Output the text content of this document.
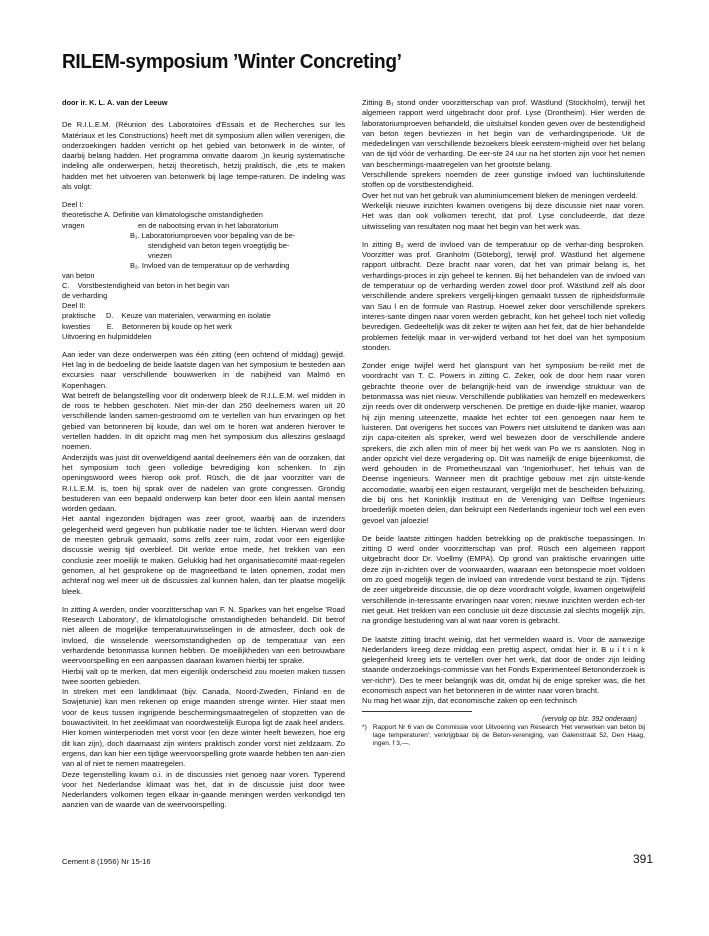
RILEM-symposium ’Winter Concreting’

door ir. K. L. A. van der Leeuw

De R.I.L.E.M. (Réunion des Laboratoires d'Essais et de Recherches sur les Matériaux et les Constructions) heeft met dit symposium allen willen verenigen, die onderzoekingen hadden verricht op het gebied van betonwerk in de winter, of daarbij belang hadden. Het programma omvatte daarom ,)n keurig systematische indeling alle onderwerpen, hetzij theoretisch, hetzij praktisch, die ,ets te maken hadden met het uitvoeren van betonwerk bij lage tempe-raturen. De indeling was als volgt:

Deel I:
theoretische A. Definitie van klimatologische omstandigheden
vragen                          en de nabootsing ervan in het laboratorium
B₁. Laboratoriumproeven voor bepaling van de be-
stendigheid van beton tegen vroegtijdig be-
vriezen
B₂. Invloed van de temperatuur op de verharding
van beton
C.    Vorstbestendigheid van beton in het begin van
de verharding
Deel II:
praktische     D.    Keuze van materialen, verwarming en isolatie
kwesties        E.    Betonneren bij koude op het werk
Uitvoering en hulpmiddelen

Aan ieder van deze onderwerpen was één zitting (een ochtend of middag) gewijd. Het lag in de bedoeling de beide laatste dagen van het symposium te besteden aan excursies naar verschillende bouwwerken in de nabijheid van Malmö en Kopenhagen.
Wat betreft de belangstelling voor dit onderwerp bleek de R.I.L.E.M. wel midden in de roos te hebben geschoten. Niet min-der dan 250 deelnemers waren uit 20 verschillende landen samen-gestroomd om te vertellen van hun ervaringen op het gebied van betonneren bij koude, dan wel om te horen wat anderen hierover te vertellen hadden. In dit opzicht mag men het symposium dus alleszins geslaagd noemen.
Anderzijds was juist dit overweldigend aantal deelnemers één van de oorzaken, dat het symposium toch geen volledige bevrediging kon schenken. In zijn openingswoord wees hierop ook prof. Rüsch, die dit jaar voorzitter van de R.I.L.E.M. is, toen hij sprak over de nadelen van grote congressen. Grondig bestuderen van een bepaald onderwerp kan beter door een klein aantal mensen worden gedaan.
Het aantal ingezonden bijdragen was zeer groot, waarbij aan de inzenders gelegenheid werd gegeven hun publikatie nader toe te lichten. Hiervan werd door de meesten gebruik gemaakt, soms zelfs zeer ruim, zodat voor een eigenlijke discussie weinig tijd overbleef. Dit werkte ertoe mede, het trekken van een conclusie zeer moeilijk te maken. Gelukkig had het organisatiecomité maat-regelen genomen, al het gesprokene op de magneetband te laten opnemen, zodat men achteraf nog wel meer uit de discussies zal kunnen halen, dan ter plaatse mogelijk bleek.

In zitting A werden, onder voorzitterschap van F. N. Sparkes van het engelse 'Road Research Laboratory', de klimatologische omstandigheden behandeld. Dit betrof niet alleen de mogelijke temperatuurwisselingen in de atmosfeer, doch ook de invloed, die wisselende weersomstandigheden op de temperatuur van een verhardende betonmassa kunnen hebben. De moeilijkheden van een betrouwbare weervoorspelling en een aanpassen daaraan kwamen hierbij ter sprake.
Hierbij valt op te merken, dat men eigenlijk onderscheid zou moeten maken tussen twee soorten gebieden.
In streken met een landklimaat (bijv. Canada, Noord-Zweden, Finland en de Sowjetunie) kan men rekenen op enige maanden strenge winter. Hier staat men voor de keus tussen ingrijpende beschermingsmaatregelen of stopzetten van de bouwactiviteit. In het zeeklimaat van noordwestelijk Europa ligt de zaak heel anders. Hier komen winterperioden met vorst voor (en deze winter heeft bewezen, hoe erg dit kan zijn), doch daarnaast zijn winters praktisch zonder vorst niet zeldzaam. Zo ergens, dan kan hier een tijdige weervoorspelling grote waarde hebben ten aan-zien van al of niet te nemen maatregelen.
Deze tegenstelling kwam o.i. in de discussies niet genoeg naar voren. Typerend voor het Nederlandse klimaat was het, dat in de discussie juist door twee Nederlanders volkomen tegen elkaar in-gaande meningen werden verkondigd ten aanzien van de waarde van de weervoorspelling.

Zitting B₁ stond onder voorzitterschap van prof. Wästlund (Stockholm), terwijl het algemeen rapport werd uitgebracht door prof. Lyse (Drontheim). Hier werden de laboratoriumproeven behandeld, die uitsluitsel konden geven over de bestendigheid van beton tegen bevriezen in het begin van de verhardingsperiode. Uit de mededelingen van verschillende bezoekers bleek eenstem-migheid over het belang van de tijd vóór de verharding. De eer-ste 24 uur na het storten zijn voor het nemen van beschermings-maatregelen van het grootste belang.
Verschillende sprekers noemden de zeer gunstige invloed van luchtinsluitende stoffen op de vorstbestendigheid.
Over het nut van het gebruik van aluminiumcement bleken de meningen verdeeld.
Werkelijk nieuwe inzichten kwamen overigens bij deze discussie niet naar voren. Het was dan ook volkomen terecht, dat prof. Lyse concludeerde, dat deze uitwisseling van resultaten nog maar het begin van het werk was.

In zitting B₂ werd de invloed van de temperatuur op de verhar-ding besproken. Voorzitter was prof. Granholm (Göteborg), terwijl prof. Wästlund het algemene rapport uitbracht. Deze bracht naar voren, dat het van primair belang is, het verhardings-proces in zijn geheel te kennen. Bij het behandelen van de invloed van de temperatuur op de verharding werden zowel door prof. Wästlund zelf als door verschillende andere sprekers vergelij-kingen gemaakt tussen de rijpheidsformule van Sau l en de formule van Rastrup. Hoewel zeker door verschillende sprekers interes-sante dingen naar voren werden gebracht, kon het geheel toch niet volledig bevredigen. Gedeeltelijk was dit zeker te wijten aan het feit, dat de hier behandelde problemen feitelijk maar in ver-wijderd verband tot het doel van het symposium stonden.

Zonder enige twijfel werd het glanspunt van het symposium be-reikt met de voordracht van T. C. Powers in zitting C. Zeker, ook de door hem naar voren gebrachte theorie over de belangrijk-heid van de inwendige struktuur van de betonmassa was niet nieuw. Verschillende publikaties van hemzelf en medewerkers zijn reeds over dit onderwerp verschenen. De prettige en duide-lijke manier, waarop hij zijn mening uiteenzette, maakte het echter tot een genoegen naar hem te luisteren. Dat overigens het succes van Powers niet uitsluitend te danken was aan zijn capa-citeiten als spreker, werd wel bewezen door de verschillende andere sprekers, die zich allen min of meer bij het werk van Po we rs aansloten. Nog in ander opzicht viel deze vergadering op. Dit was namelijk de enige bijeenkomst, die werd gehouden in de Prometheuszaal van 'Ingeniorhuset', het tehuis van de Deense ingenieurs. Wanneer men dit prachtige gebouw met zijn uitste-kende accomodatie, waarbij een eigen restaurant, vergelijkt met de bescheiden behuizing, die bij ons het Koninklijk Instituut en de Vereniging van Delftse Ingenieurs broederlijk moeten delen, dan bekruipt een Nederlands ingenieur toch wel een even gevoel van jaloezie!

De beide laatste zittingen hadden betrekking op de praktische toepassingen. In zitting D werd onder voorzitterschap van prof. Rüsch een algemeen rapport uitgebracht door Dr. Voellmy (EMPA). Op grond van praktische ervaringen uitte deze zijn in-zichten over de voorwaarden, waaraan een betonspecie moet voldoen om zo goed mogelijk tegen de invloed van intredende vorst bestand te zijn. Tijdens de zeer uitgebreide discussie, die op deze voordracht volgde, kwamen ongetwijfeld verschillende in-teressante ervaringen naar voren; nieuwe inzichten werden ech-ter niet geuit. Het trekken van een conclusie uit deze discussie zal slechts mogelijk zijn, na grondige bestudering van al wat naar voren is gebracht.

De laatste zitting bracht weinig, dat het vermelden waard is. Voor de aanwezige Nederlanders kreeg deze middag een prettig aspect, omdat hier ir. B u i t i n k gelegenheid kreeg iets te vertellen over het werk, dat door de onder zijn leiding staande onderzoekings-commissie van het Fonds Experimenteel Betononderzoek is ver-richt*). Des te meer belangrijk was dit, omdat hij de enige spreker was, die het economisch aspect van het betonneren in de winter naar voren bracht.
Nu mag het waar zijn, dat economische zaken op een technisch

(vervolg op blz. 392 onderaan)
*) Rapport Nr 6 van de Commissie voor Uitvoering van Research 'Het verwerken van beton bij lage temperaturen'; verkrijgbaar bij de Beton-vereniging, van Galenstraat 52, Den Haag, ingen. f 3,—.
Cement 8 (1956) Nr 15-16	391
